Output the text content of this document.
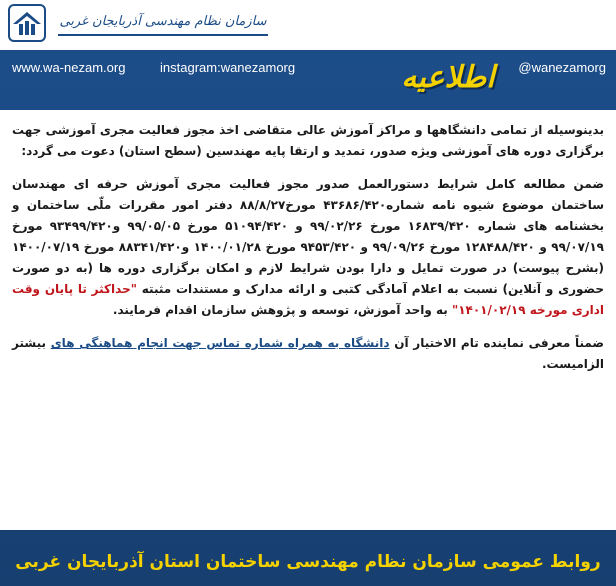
سازمان نظام مهندسی آذربایجان غربی
www.wa-nezam.org	instagram:wanezamorg	@wanezamorg
اطلاعیه

بدینوسیله از تمامی دانشگاهها و مراکز آموزش عالی متقاضی اخذ مجوز فعالیت مجری آموزشی جهت برگزاری دوره های آموزشی ویژه صدور، تمدید و ارتقا پایه مهندسین (سطح استان) دعوت می گردد:

ضمن مطالعه کامل شرایط دستورالعمل صدور مجوز فعالیت مجری آموزش حرفه ای مهندسان ساختمان موضوع شیوه نامه شماره۴۳۶۸۶/۴۲۰ مورخ۸۸/۸/۲۷ دفتر امور مقررات ملّی ساختمان و بخشنامه های شماره ۱۶۸۳۹/۴۲۰ مورخ ۹۹/۰۲/۲۶ و ۵۱۰۹۴/۴۲۰ مورخ ۹۹/۰۵/۰۵ و۹۳۴۹۹/۴۲۰ مورخ ۹۹/۰۷/۱۹ و ۱۲۸۴۸۸/۴۲۰ مورخ ۹۹/۰۹/۲۶ و ۹۴۵۳/۴۲۰ مورخ ۱۴۰۰/۰۱/۲۸ و۸۸۳۴۱/۴۲۰ مورخ ۱۴۰۰/۰۷/۱۹ (بشرح پیوست) در صورت تمایل و دارا بودن شرایط لازم و امکان برگزاری دوره ها (به دو صورت حضوری و آنلاین) نسبت به اعلام آمادگی کتبی و ارائه مدارک و مستندات مثبته "حداکثر تا پایان وقت اداری مورخه ۱۴۰۱/۰۲/۱۹" به واحد آموزش، توسعه و پژوهش سازمان اقدام فرمایند.

ضمناً معرفی نماینده تام الاختیار آن دانشگاه به همراه شماره تماس جهت انجام هماهنگی های بیشتر الزامیست.

روابط عمومی سازمان نظام مهندسی ساختمان استان آذربایجان غربی
